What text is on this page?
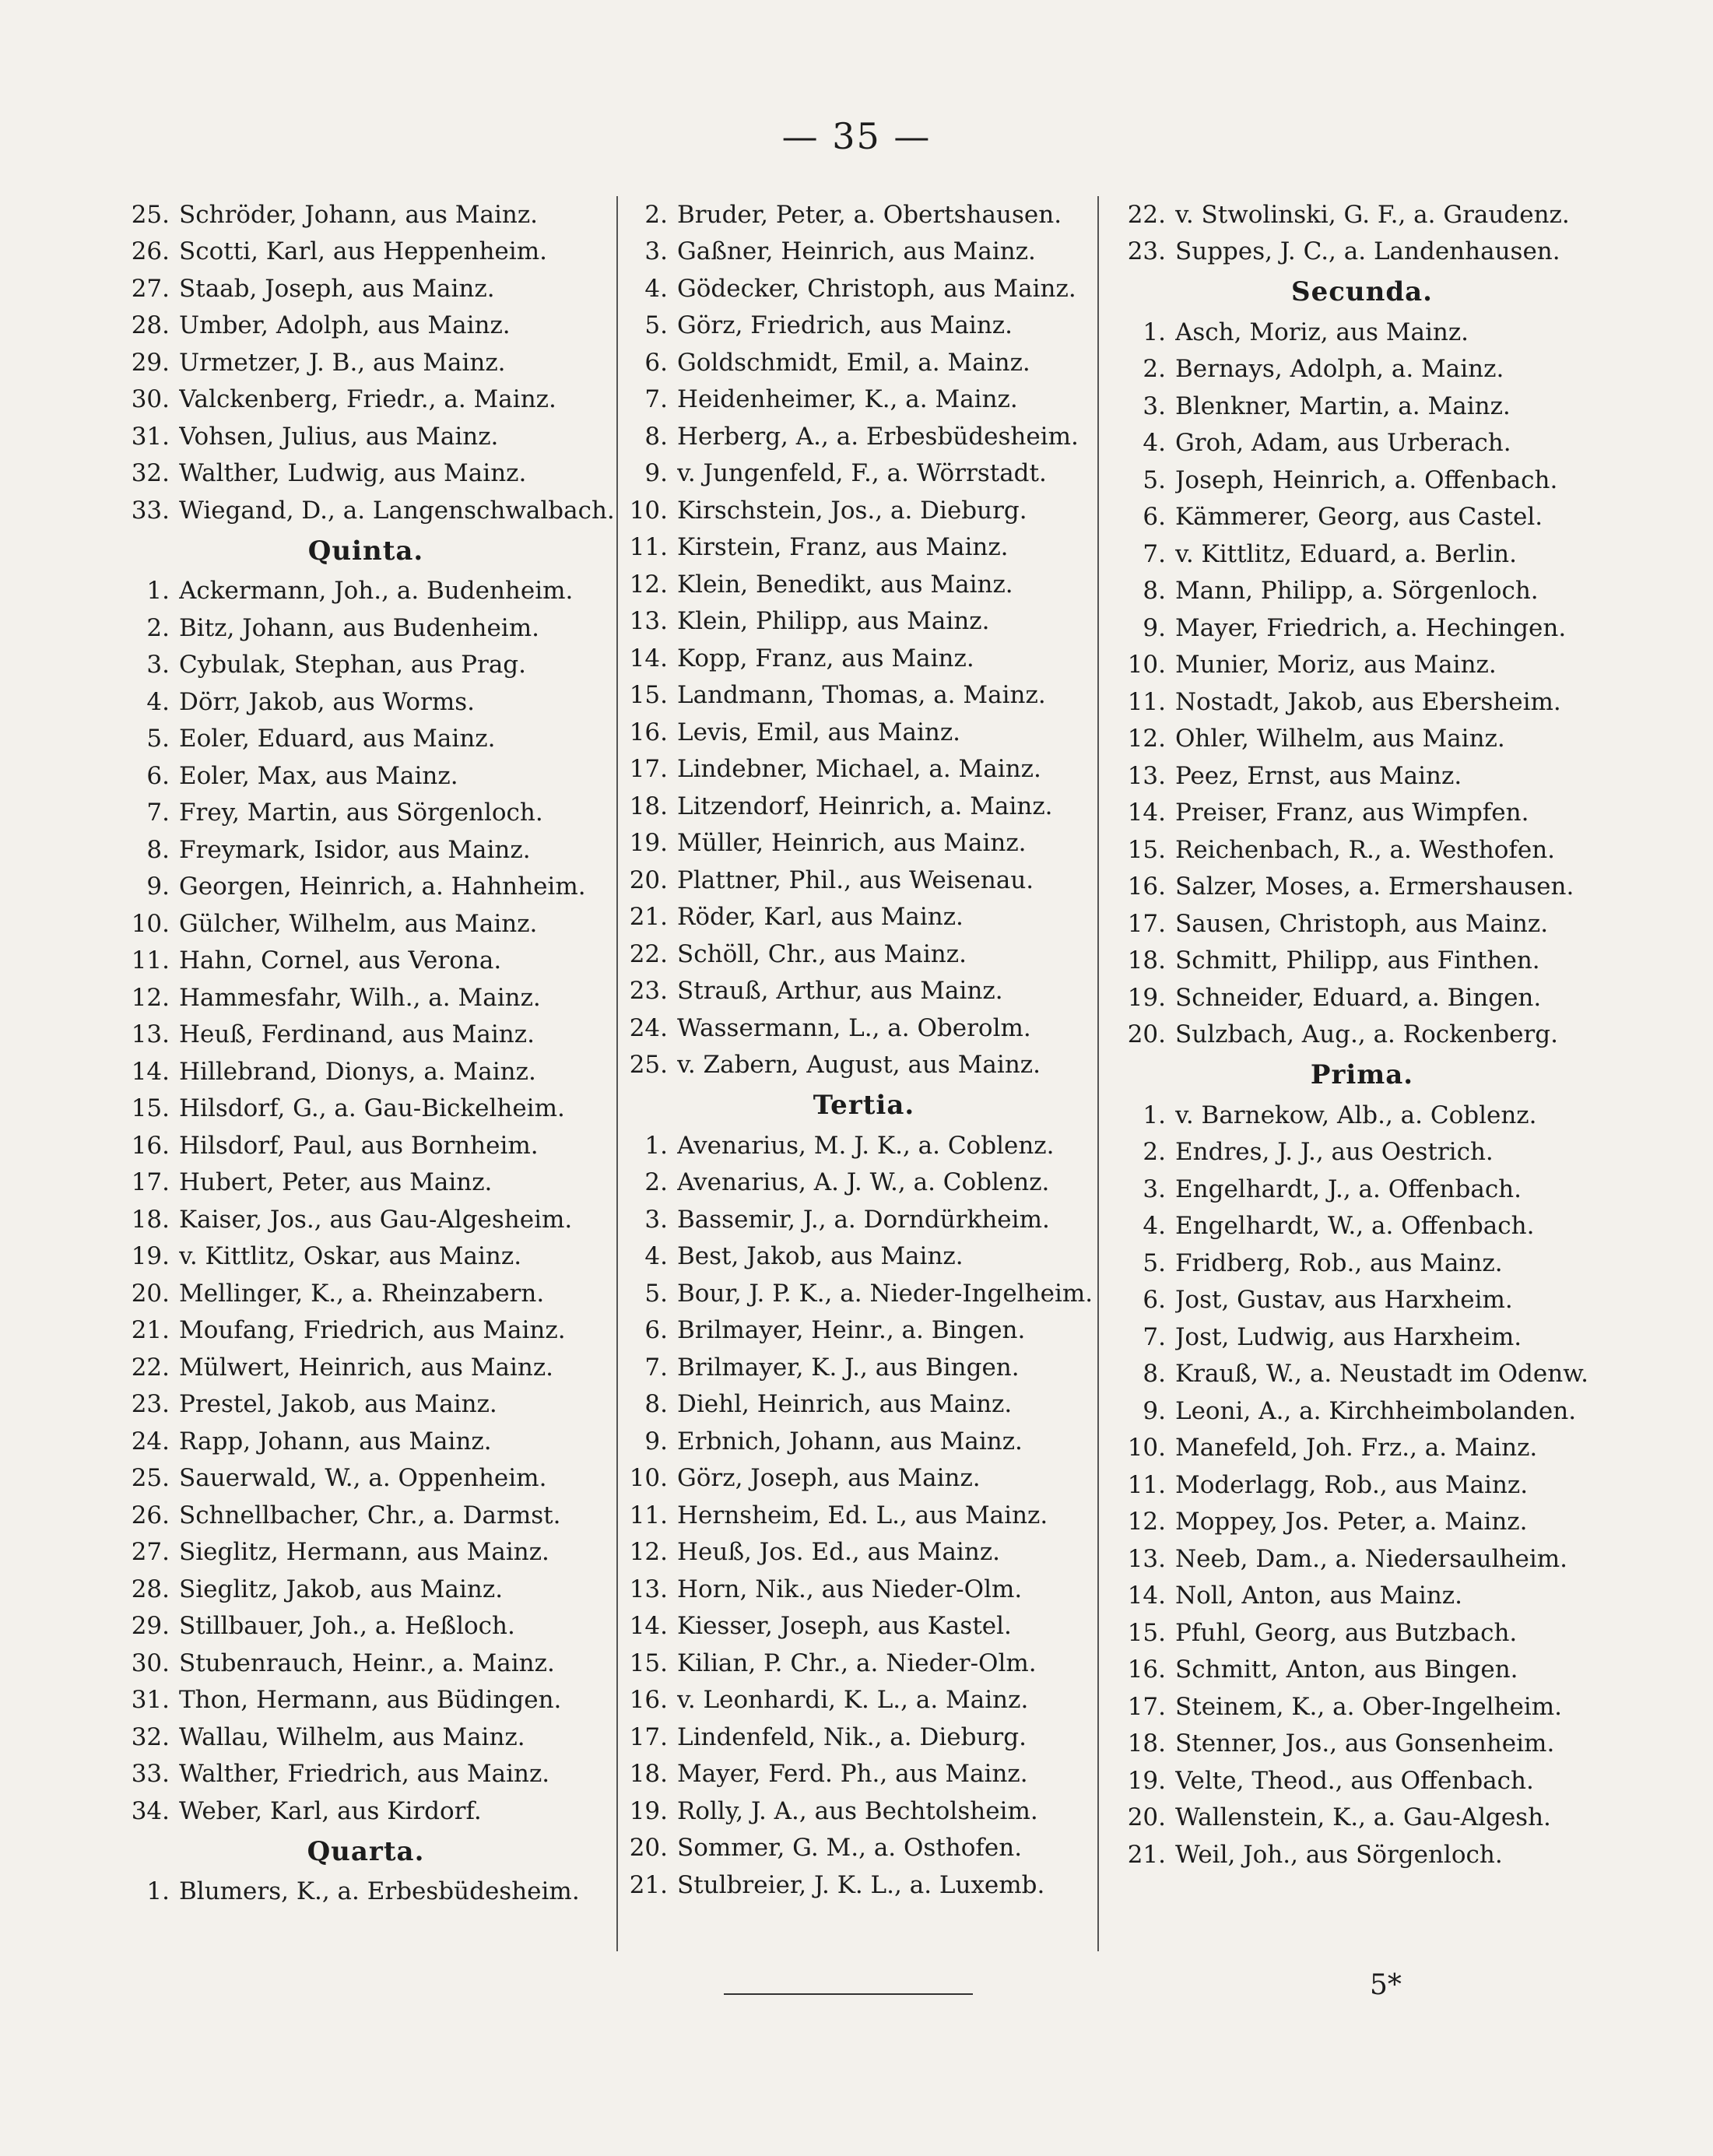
— 35 —
25. Schröder, Johann, aus Mainz.
26. Scotti, Karl, aus Heppenheim.
27. Staab, Joseph, aus Mainz.
28. Umber, Adolph, aus Mainz.
29. Urmetzer, J. B., aus Mainz.
30. Valckenberg, Friedr., a. Mainz.
31. Vohsen, Julius, aus Mainz.
32. Walther, Ludwig, aus Mainz.
33. Wiegand, D., a. Langenschwalbach.
Quinta.
1. Ackermann, Joh., a. Budenheim.
2. Bitz, Johann, aus Budenheim.
3. Cybulak, Stephan, aus Prag.
4. Dörr, Jakob, aus Worms.
5. Eoler, Eduard, aus Mainz.
6. Eoler, Max, aus Mainz.
7. Frey, Martin, aus Sörgenloch.
8. Freymark, Isidor, aus Mainz.
9. Georgen, Heinrich, a. Hahnheim.
10. Gülcher, Wilhelm, aus Mainz.
11. Hahn, Cornel, aus Verona.
12. Hammesfahr, Wilh., a. Mainz.
13. Heuß, Ferdinand, aus Mainz.
14. Hillebrand, Dionys, a. Mainz.
15. Hilsdorf, G., a. Gau-Bickelheim.
16. Hilsdorf, Paul, aus Bornheim.
17. Hubert, Peter, aus Mainz.
18. Kaiser, Jos., aus Gau-Algesheim.
19. v. Kittlitz, Oskar, aus Mainz.
20. Mellinger, K., a. Rheinzabern.
21. Moufang, Friedrich, aus Mainz.
22. Mülwert, Heinrich, aus Mainz.
23. Prestel, Jakob, aus Mainz.
24. Rapp, Johann, aus Mainz.
25. Sauerwald, W., a. Oppenheim.
26. Schnellbacher, Chr., a. Darmst.
27. Sieglitz, Hermann, aus Mainz.
28. Sieglitz, Jakob, aus Mainz.
29. Stillbauer, Joh., a. Heßloch.
30. Stubenrauch, Heinr., a. Mainz.
31. Thon, Hermann, aus Büdingen.
32. Wallau, Wilhelm, aus Mainz.
33. Walther, Friedrich, aus Mainz.
34. Weber, Karl, aus Kirdorf.
Quarta.
1. Blumers, K., a. Erbesbüdesheim.
2. Bruder, Peter, a. Obertshausen.
3. Gaßner, Heinrich, aus Mainz.
4. Gödecker, Christoph, aus Mainz.
5. Görz, Friedrich, aus Mainz.
6. Goldschmidt, Emil, a. Mainz.
7. Heidenheimer, K., a. Mainz.
8. Herberg, A., a. Erbesbüdesheim.
9. v. Jungenfeld, F., a. Wörrstadt.
10. Kirschstein, Jos., a. Dieburg.
11. Kirstein, Franz, aus Mainz.
12. Klein, Benedikt, aus Mainz.
13. Klein, Philipp, aus Mainz.
14. Kopp, Franz, aus Mainz.
15. Landmann, Thomas, a. Mainz.
16. Levis, Emil, aus Mainz.
17. Lindebner, Michael, a. Mainz.
18. Litzendorf, Heinrich, a. Mainz.
19. Müller, Heinrich, aus Mainz.
20. Plattner, Phil., aus Weisenau.
21. Röder, Karl, aus Mainz.
22. Schöll, Chr., aus Mainz.
23. Strauß, Arthur, aus Mainz.
24. Wassermann, L., a. Oberolm.
25. v. Zabern, August, aus Mainz.
Tertia.
1. Avenarius, M. J. K., a. Coblenz.
2. Avenarius, A. J. W., a. Coblenz.
3. Bassemir, J., a. Dorndürkheim.
4. Best, Jakob, aus Mainz.
5. Bour, J. P. K., a. Nieder-Ingelheim.
6. Brilmayer, Heinr., a. Bingen.
7. Brilmayer, K. J., aus Bingen.
8. Diehl, Heinrich, aus Mainz.
9. Erbnich, Johann, aus Mainz.
10. Görz, Joseph, aus Mainz.
11. Hernsheim, Ed. L., aus Mainz.
12. Heuß, Jos. Ed., aus Mainz.
13. Horn, Nik., aus Nieder-Olm.
14. Kiesser, Joseph, aus Kastel.
15. Kilian, P. Chr., a. Nieder-Olm.
16. v. Leonhardi, K. L., a. Mainz.
17. Lindenfeld, Nik., a. Dieburg.
18. Mayer, Ferd. Ph., aus Mainz.
19. Rolly, J. A., aus Bechtolsheim.
20. Sommer, G. M., a. Osthofen.
21. Stulbreier, J. K. L., a. Luxemb.
22. v. Stwolinski, G. F., a. Graudenz.
23. Suppes, J. C., a. Landenhausen.
Secunda.
1. Asch, Moriz, aus Mainz.
2. Bernays, Adolph, a. Mainz.
3. Blenkner, Martin, a. Mainz.
4. Groh, Adam, aus Urberach.
5. Joseph, Heinrich, a. Offenbach.
6. Kämmerer, Georg, aus Castel.
7. v. Kittlitz, Eduard, a. Berlin.
8. Mann, Philipp, a. Sörgenloch.
9. Mayer, Friedrich, a. Hechingen.
10. Munier, Moriz, aus Mainz.
11. Nostadt, Jakob, aus Ebersheim.
12. Ohler, Wilhelm, aus Mainz.
13. Peez, Ernst, aus Mainz.
14. Preiser, Franz, aus Wimpfen.
15. Reichenbach, R., a. Westhofen.
16. Salzer, Moses, a. Ermershausen.
17. Sausen, Christoph, aus Mainz.
18. Schmitt, Philipp, aus Finthen.
19. Schneider, Eduard, a. Bingen.
20. Sulzbach, Aug., a. Rockenberg.
Prima.
1. v. Barnekow, Alb., a. Coblenz.
2. Endres, J. J., aus Oestrich.
3. Engelhardt, J., a. Offenbach.
4. Engelhardt, W., a. Offenbach.
5. Fridberg, Rob., aus Mainz.
6. Jost, Gustav, aus Harxheim.
7. Jost, Ludwig, aus Harxheim.
8. Krauß, W., a. Neustadt im Odenw.
9. Leoni, A., a. Kirchheimbolanden.
10. Manefeld, Joh. Frz., a. Mainz.
11. Moderlagg, Rob., aus Mainz.
12. Moppey, Jos. Peter, a. Mainz.
13. Neeb, Dam., a. Niedersaulheim.
14. Noll, Anton, aus Mainz.
15. Pfuhl, Georg, aus Butzbach.
16. Schmitt, Anton, aus Bingen.
17. Steinem, K., a. Ober-Ingelheim.
18. Stenner, Jos., aus Gonsenheim.
19. Velte, Theod., aus Offenbach.
20. Wallenstein, K., a. Gau-Algesh.
21. Weil, Joh., aus Sörgenloch.
5*
